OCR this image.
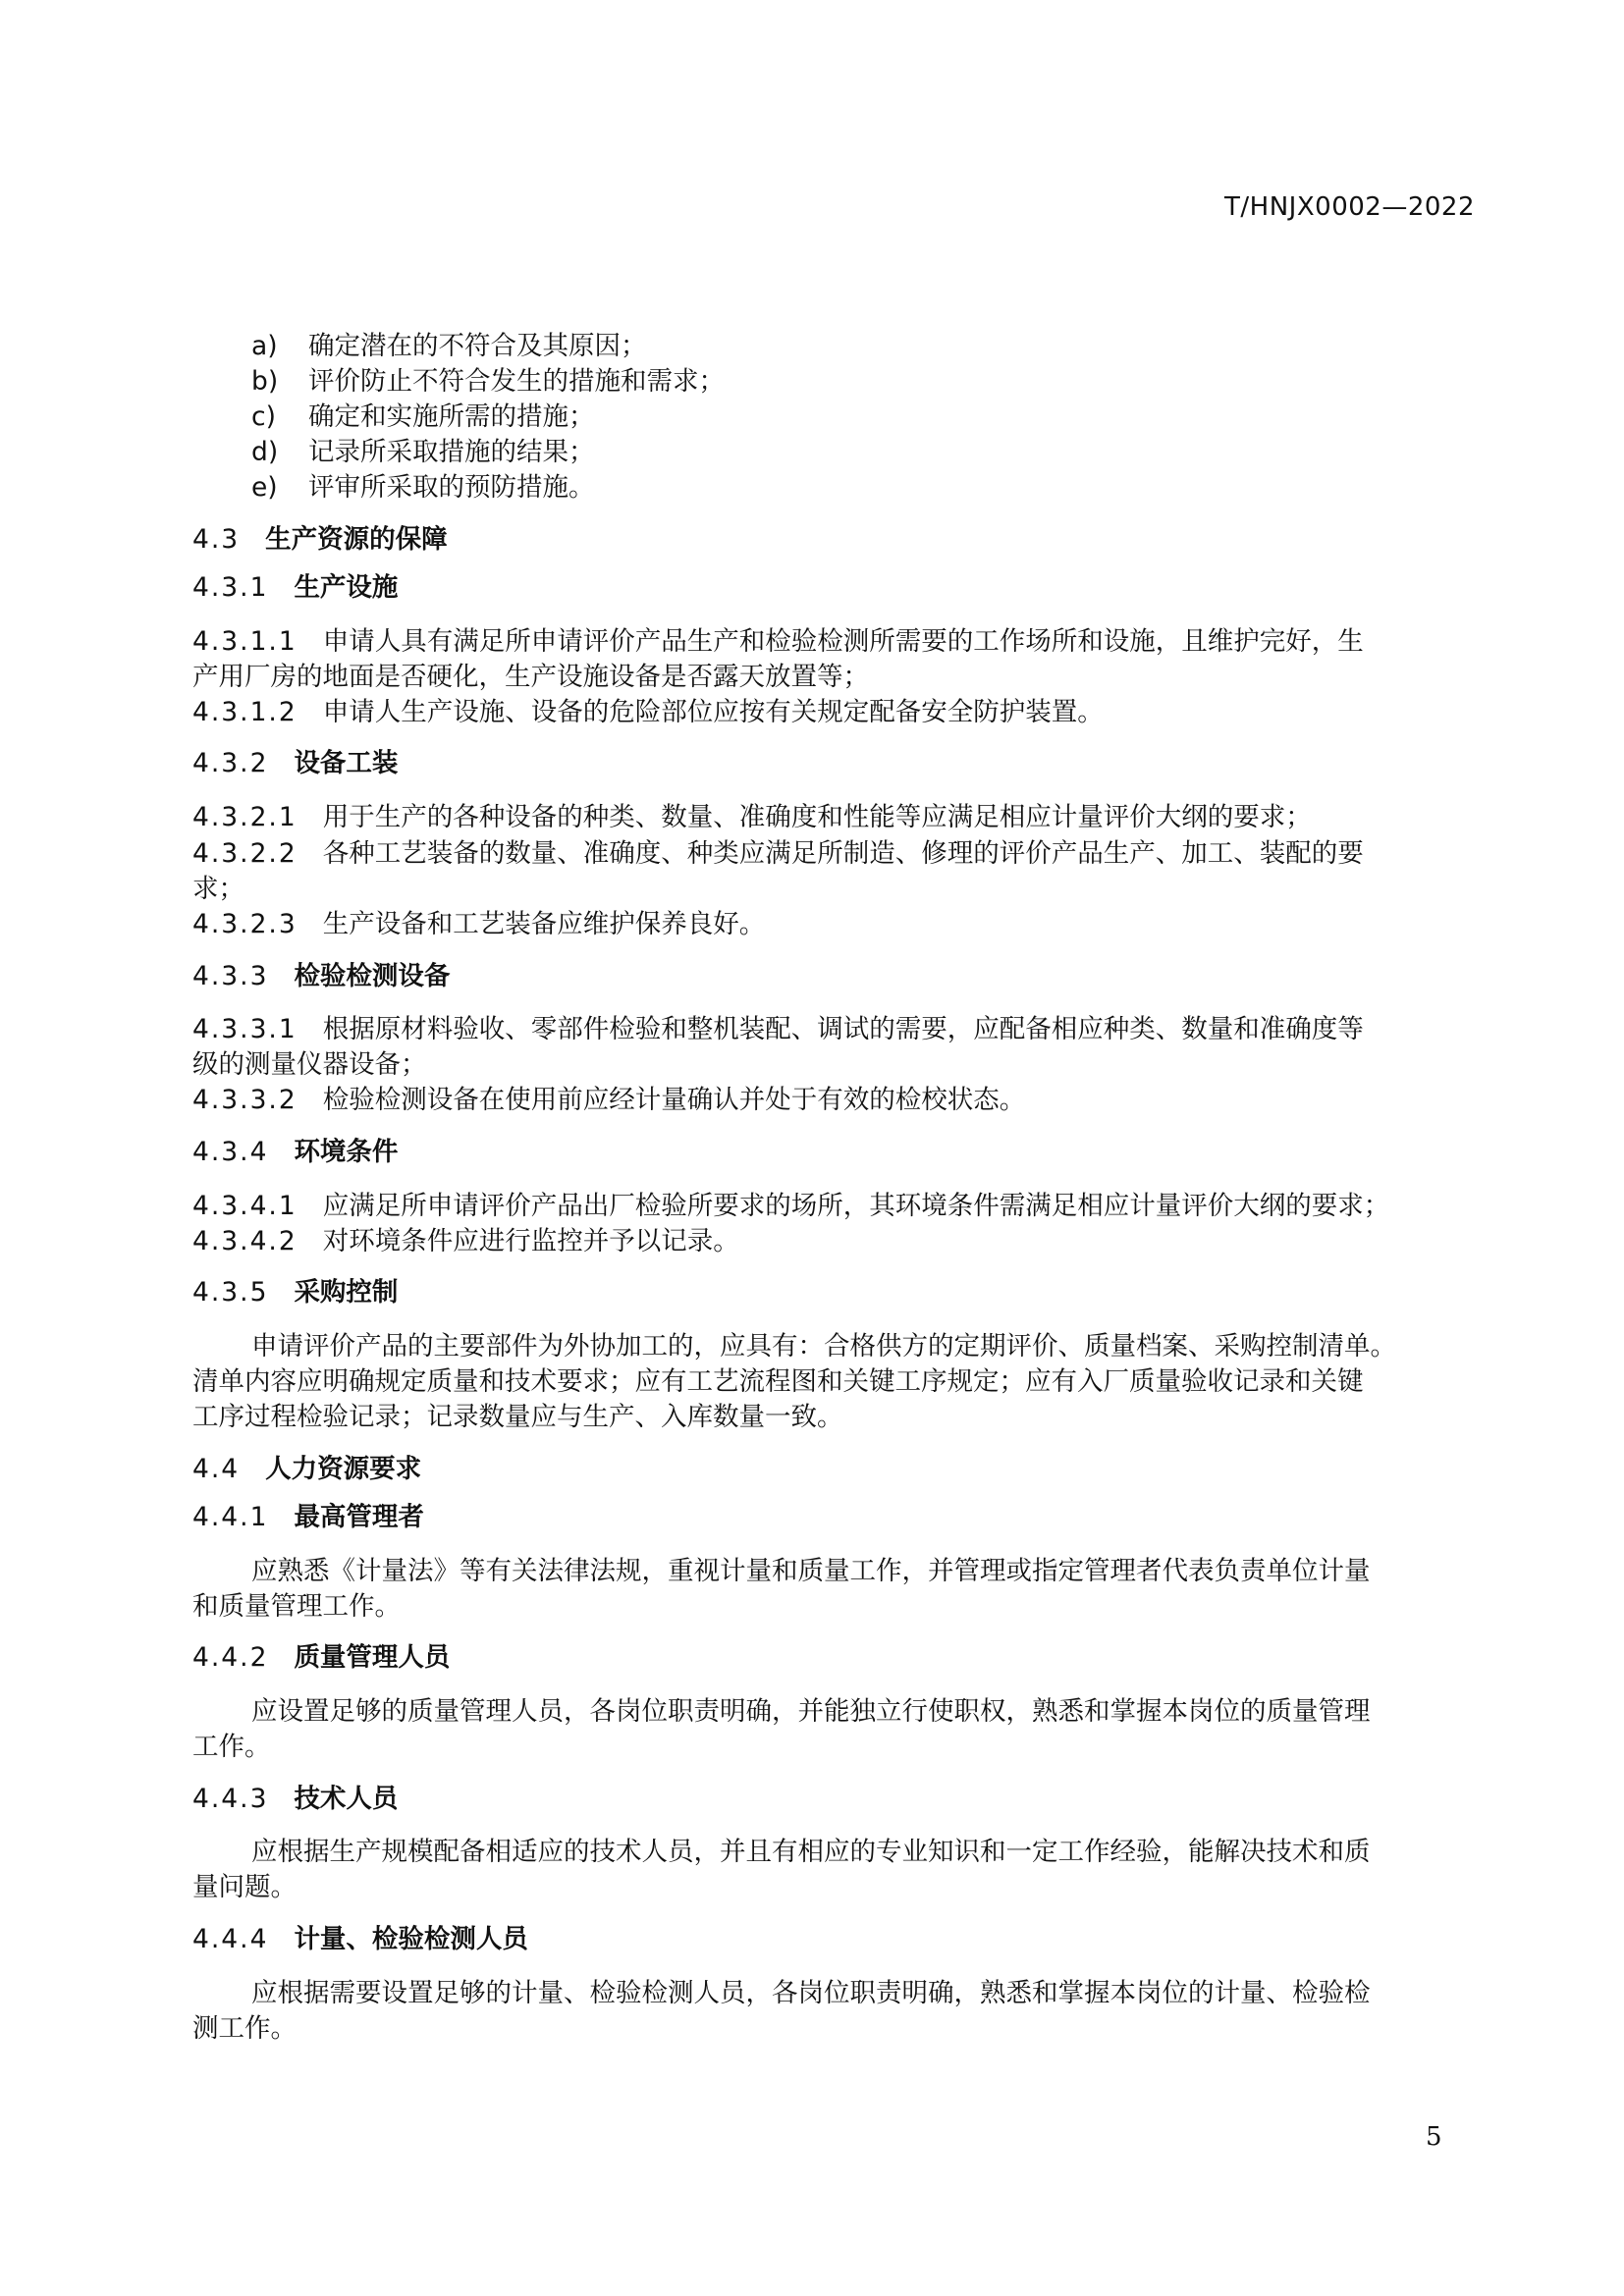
T/HNJX0002—2022
a) 确定潜在的不符合及其原因；
b) 评价防止不符合发生的措施和需求；
c) 确定和实施所需的措施；
d) 记录所采取措施的结果；
e) 评审所采取的预防措施。
4.3 生产资源的保障
4.3.1 生产设施
4.3.1.1 申请人具有满足所申请评价产品生产和检验检测所需要的工作场所和设施，且维护完好，生
产用厂房的地面是否硬化，生产设施设备是否露天放置等；
4.3.1.2 申请人生产设施、设备的危险部位应按有关规定配备安全防护装置。
4.3.2 设备工装
4.3.2.1 用于生产的各种设备的种类、数量、准确度和性能等应满足相应计量评价大纲的要求；
4.3.2.2 各种工艺装备的数量、准确度、种类应满足所制造、修理的评价产品生产、加工、装配的要
求；
4.3.2.3 生产设备和工艺装备应维护保养良好。
4.3.3 检验检测设备
4.3.3.1 根据原材料验收、零部件检验和整机装配、调试的需要，应配备相应种类、数量和准确度等
级的测量仪器设备；
4.3.3.2 检验检测设备在使用前应经计量确认并处于有效的检校状态。
4.3.4 环境条件
4.3.4.1 应满足所申请评价产品出厂检验所要求的场所，其环境条件需满足相应计量评价大纲的要求；
4.3.4.2 对环境条件应进行监控并予以记录。
4.3.5 采购控制
申请评价产品的主要部件为外协加工的，应具有：合格供方的定期评价、质量档案、采购控制清单。
清单内容应明确规定质量和技术要求；应有工艺流程图和关键工序规定；应有入厂质量验收记录和关键
工序过程检验记录；记录数量应与生产、入库数量一致。
4.4 人力资源要求
4.4.1 最高管理者
应熟悉《计量法》等有关法律法规，重视计量和质量工作，并管理或指定管理者代表负责单位计量
和质量管理工作。
4.4.2 质量管理人员
应设置足够的质量管理人员，各岗位职责明确，并能独立行使职权，熟悉和掌握本岗位的质量管理
工作。
4.4.3 技术人员
应根据生产规模配备相适应的技术人员，并且有相应的专业知识和一定工作经验，能解决技术和质
量问题。
4.4.4 计量、检验检测人员
应根据需要设置足够的计量、检验检测人员，各岗位职责明确，熟悉和掌握本岗位的计量、检验检
测工作。
5
